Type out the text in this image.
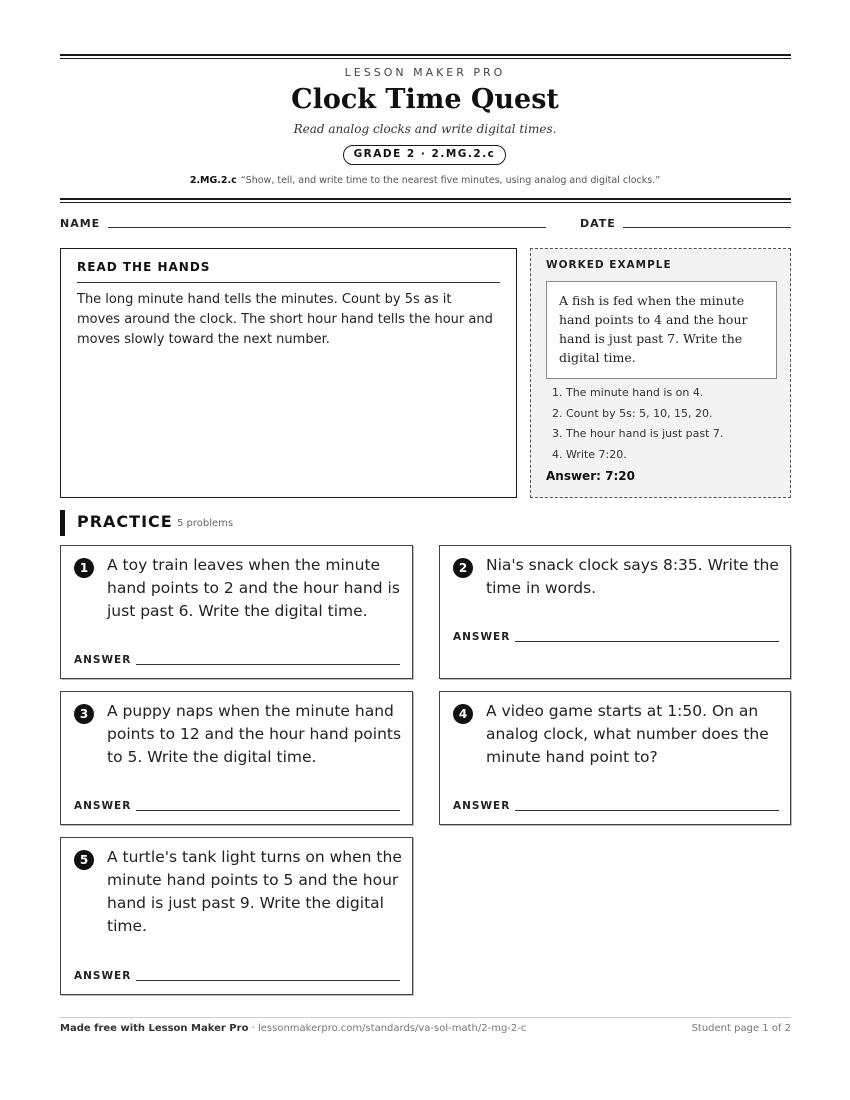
LESSON MAKER PRO
Clock Time Quest
Read analog clocks and write digital times.
GRADE 2 · 2.MG.2.c
2.MG.2.c “Show, tell, and write time to the nearest five minutes, using analog and digital clocks.”
NAME	DATE
READ THE HANDS
The long minute hand tells the minutes. Count by 5s as it moves around the clock. The short hour hand tells the hour and moves slowly toward the next number.
WORKED EXAMPLE
A fish is fed when the minute hand points to 4 and the hour hand is just past 7. Write the digital time.
1. The minute hand is on 4.
2. Count by 5s: 5, 10, 15, 20.
3. The hour hand is just past 7.
4. Write 7:20.
Answer: 7:20
PRACTICE 5 problems
1	A toy train leaves when the minute hand points to 2 and the hour hand is just past 6. Write the digital time.
ANSWER
2	Nia's snack clock says 8:35. Write the time in words.
ANSWER
3	A puppy naps when the minute hand points to 12 and the hour hand points to 5. Write the digital time.
ANSWER
4	A video game starts at 1:50. On an analog clock, what number does the minute hand point to?
ANSWER
5	A turtle's tank light turns on when the minute hand points to 5 and the hour hand is just past 9. Write the digital time.
ANSWER
Made free with Lesson Maker Pro · lessonmakerpro.com/standards/va-sol-math/2-mg-2-c	Student page 1 of 2
